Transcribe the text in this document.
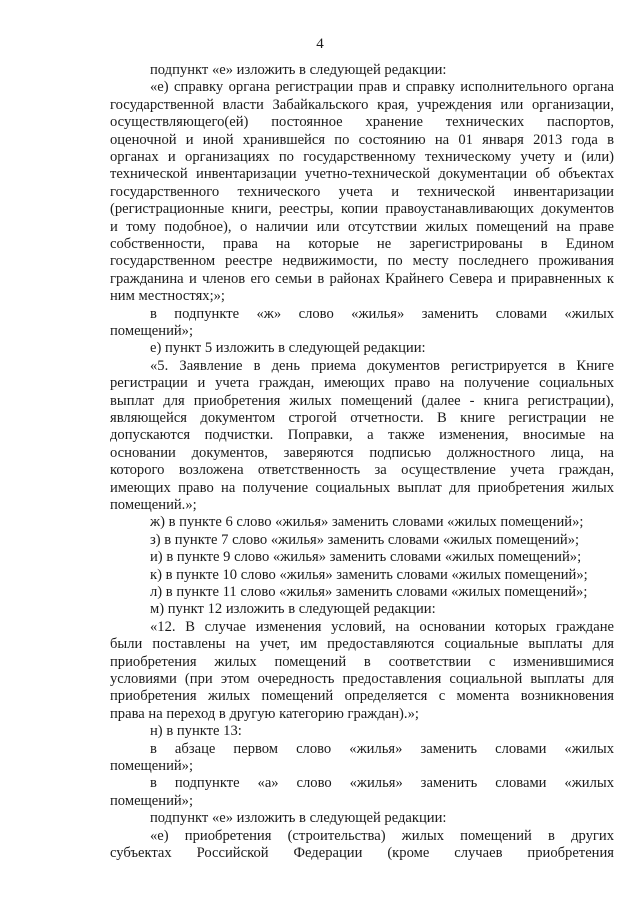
4
подпункт «е» изложить в следующей редакции:
«е) справку органа регистрации прав и справку исполнительного органа
государственной власти Забайкальского края, учреждения или организации,
осуществляющего(ей) постоянное хранение технических паспортов,
оценочной и иной хранившейся по состоянию на 01 января 2013 года в
органах и организациях по государственному техническому учету и (или)
технической инвентаризации учетно-технической документации об объектах
государственного технического учета и технической инвентаризации
(регистрационные книги, реестры, копии правоустанавливающих документов
и тому подобное), о наличии или отсутствии жилых помещений на праве
собственности, права на которые не зарегистрированы в Едином
государственном реестре недвижимости, по месту последнего проживания
гражданина и членов его семьи в районах Крайнего Севера и приравненных к
ним местностях;»;
в подпункте «ж» слово «жилья» заменить словами «жилых
помещений»;
е) пункт 5 изложить в следующей редакции:
«5. Заявление в день приема документов регистрируется в Книге
регистрации и учета граждан, имеющих право на получение социальных
выплат для приобретения жилых помещений (далее - книга регистрации),
являющейся документом строгой отчетности. В книге регистрации не
допускаются подчистки. Поправки, а также изменения, вносимые на
основании документов, заверяются подписью должностного лица, на
которого возложена ответственность за осуществление учета граждан,
имеющих право на получение социальных выплат для приобретения жилых
помещений.»;
ж) в пункте 6 слово «жилья» заменить словами «жилых помещений»;
з) в пункте 7 слово «жилья» заменить словами «жилых помещений»;
и) в пункте 9 слово «жилья» заменить словами «жилых помещений»;
к) в пункте 10 слово «жилья» заменить словами «жилых помещений»;
л) в пункте 11 слово «жилья» заменить словами «жилых помещений»;
м) пункт 12 изложить в следующей редакции:
«12. В случае изменения условий, на основании которых граждане
были поставлены на учет, им предоставляются социальные выплаты для
приобретения жилых помещений в соответствии с изменившимися
условиями (при этом очередность предоставления социальной выплаты для
приобретения жилых помещений определяется с момента возникновения
права на переход в другую категорию граждан).»;
н) в пункте 13:
в абзаце первом слово «жилья» заменить словами «жилых
помещений»;
в подпункте «а» слово «жилья» заменить словами «жилых
помещений»;
подпункт «е» изложить в следующей редакции:
«е) приобретения (строительства) жилых помещений в других
субъектах Российской Федерации (кроме случаев приобретения
